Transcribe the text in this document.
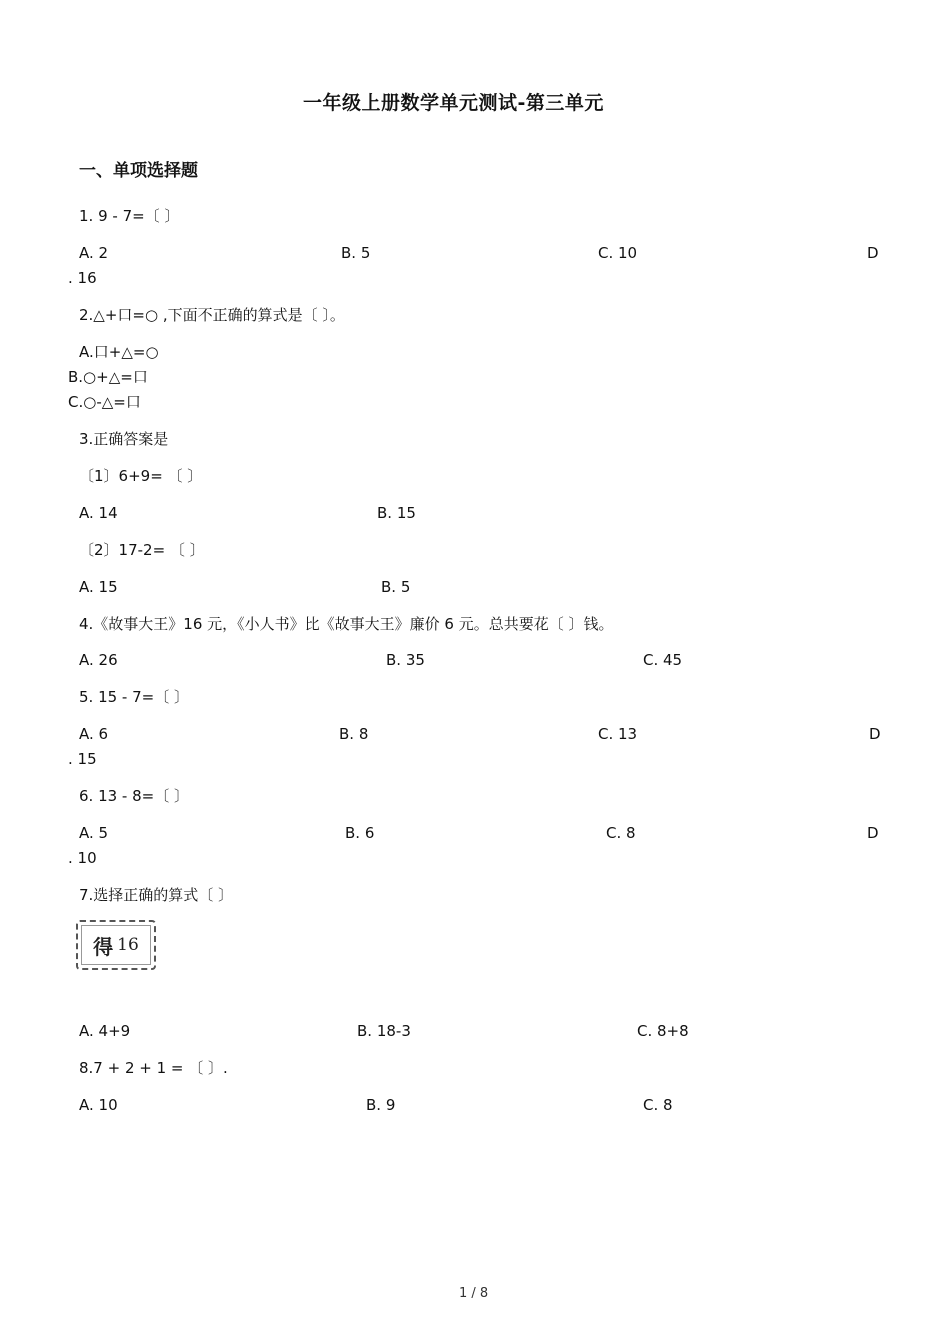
一年级上册数学单元测试-第三单元
一、单项选择题
1. 9 - 7=〔 〕
A. 2	B. 5	C. 10	D
. 16
2.△+口=○ ,下面不正确的算式是〔 〕。
A.口+△=○
B.○+△=口
C.○-△=口
3.正确答案是
〔1〕6+9= 〔 〕
A. 14	B. 15
〔2〕17-2= 〔 〕
A. 15	B. 5
4.《故事大王》16 元，《小人书》比《故事大王》廉价 6 元。总共要花〔 〕钱。
A. 26	B. 35	C. 45
5. 15 - 7=〔 〕
A. 6	B. 8	C. 13	D
. 15
6. 13 - 8=〔 〕
A. 5	B. 6	C. 8	D
. 10
7.选择正确的算式〔 〕
得 16
A. 4+9	B. 18-3	C. 8+8
8.7 + 2 + 1 = 〔 〕.
A. 10	B. 9	C. 8
1 / 8
